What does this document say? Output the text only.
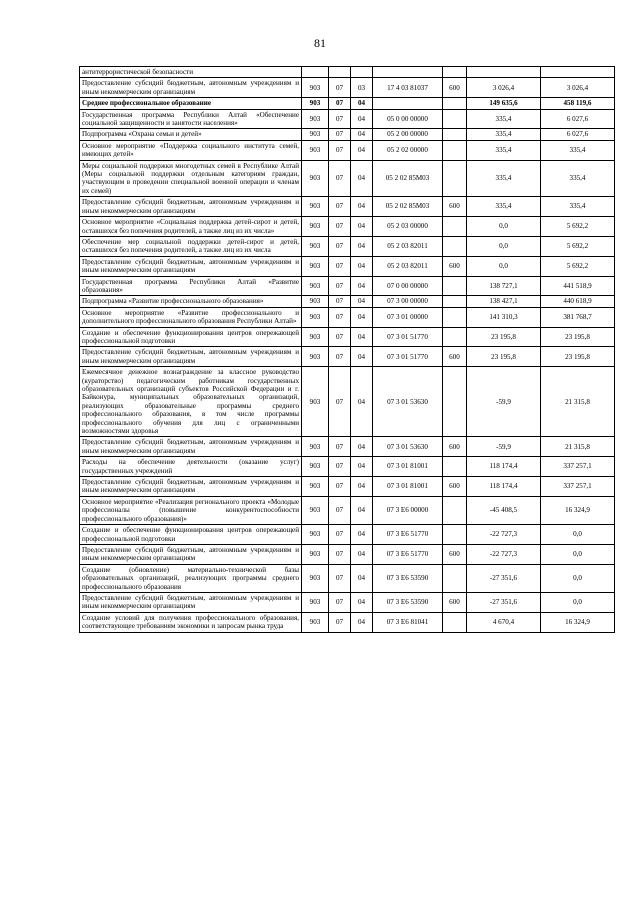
81
антитеррористической безопасности							
Предоставление субсидий бюджетным, автономным учреждениям и иным некоммерческим организациям	903	07	03	17 4 03 81037	600	3 026,4	3 026,4
Среднее профессиональное образование	903	07	04			149 635,6	458 119,6
Государственная программа Республики Алтай «Обеспечение социальной защищенности и занятости населения»	903	07	04	05 0 00 00000		335,4	6 027,6
Подпрограмма «Охрана семьи и детей»	903	07	04	05 2 00 00000		335,4	6 027,6
Основное мероприятие «Поддержка социального института семей, имеющих детей»	903	07	04	05 2 02 00000		335,4	335,4
Меры социальной поддержки многодетных семей в Республике Алтай (Меры социальной поддержки отдельным категориям граждан, участвующим в проведении специальной военной операции и членам их семей)	903	07	04	05 2 02 85М03		335,4	335,4
Предоставление субсидий бюджетным, автономным учреждениям и иным некоммерческим организациям	903	07	04	05 2 02 85М03	600	335,4	335,4
Основное мероприятие «Социальная поддержка детей-сирот и детей, оставшихся без попечения родителей, а также лиц из их числа»	903	07	04	05 2 03 00000		0,0	5 692,2
Обеспечение мер социальной поддержки детей-сирот и детей, оставшихся без попечения родителей, а также лиц из их числа	903	07	04	05 2 03 82011		0,0	5 692,2
Предоставление субсидий бюджетным, автономным учреждениям и иным некоммерческим организациям	903	07	04	05 2 03 82011	600	0,0	5 692,2
Государственная программа Республики Алтай «Развитие образования»	903	07	04	07 0 00 00000		138 727,1	441 518,9
Подпрограмма «Развитие профессионального образования»	903	07	04	07 3 00 00000		138 427,1	440 618,9
Основное мероприятие «Развитие профессионального и дополнительного профессионального образования Республики Алтай»	903	07	04	07 3 01 00000		141 310,3	381 768,7
Создание и обеспечение функционирования центров опережающей профессиональной подготовки	903	07	04	07 3 01 51770		23 195,8	23 195,8
Предоставление субсидий бюджетным, автономным учреждениям и иным некоммерческим организациям	903	07	04	07 3 01 51770	600	23 195,8	23 195,8
Ежемесячное денежное вознаграждение за классное руководство (кураторство) педагогическим работникам государственных образовательных организаций субъектов Российской Федерации и г. Байконура, муниципальных образовательных организаций, реализующих образовательные программы среднего профессионального образования, в том числе программы профессионального обучения для лиц с ограниченными возможностями здоровья	903	07	04	07 3 01 53630		-59,9	21 315,8
Предоставление субсидий бюджетным, автономным учреждениям и иным некоммерческим организациям	903	07	04	07 3 01 53630	600	-59,9	21 315,8
Расходы на обеспечение деятельности (оказание услуг) государственных учреждений	903	07	04	07 3 01 81001		118 174,4	337 257,1
Предоставление субсидий бюджетным, автономным учреждениям и иным некоммерческим организациям	903	07	04	07 3 01 81001	600	118 174,4	337 257,1
Основное мероприятие «Реализация регионального проекта «Молодые профессионалы (повышение конкурентоспособности профессионального образования)»	903	07	04	07 3 Е6 00000		-45 408,5	16 324,9
Создание и обеспечение функционирования центров опережающей профессиональной подготовки	903	07	04	07 3 Е6 51770		-22 727,3	0,0
Предоставление субсидий бюджетным, автономным учреждениям и иным некоммерческим организациям	903	07	04	07 3 Е6 51770	600	-22 727,3	0,0
Создание (обновление) материально-технической базы образовательных организаций, реализующих программы среднего профессионального образования	903	07	04	07 3 Е6 53590		-27 351,6	0,0
Предоставление субсидий бюджетным, автономным учреждениям и иным некоммерческим организациям	903	07	04	07 3 Е6 53590	600	-27 351,6	0,0
Создание условий для получения профессионального образования, соответствующее требованиям экономики и запросам рынка труда	903	07	04	07 3 Е6 81041		4 670,4	16 324,9
